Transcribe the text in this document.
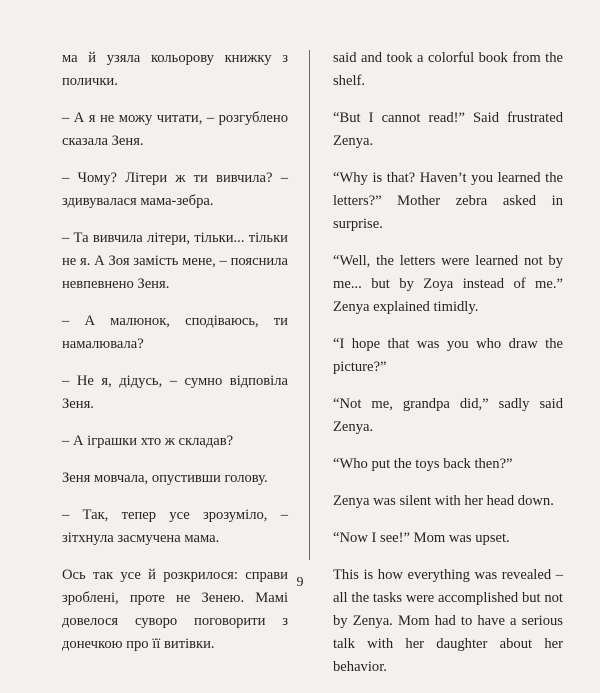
ма й узяла кольорову книжку з полички.

– А я не можу читати, – розгублено сказала Зеня.

– Чому? Літери ж ти вивчила? – здивувалася мама-зебра.

– Та вивчила літери, тільки... тільки не я. А Зоя замість мене, – пояснила невпевнено Зеня.

– А малюнок, сподіваюсь, ти намалювала?

– Не я, дідусь, – сумно відповіла Зеня.

– А іграшки хто ж складав?

Зеня мовчала, опустивши голову.

– Так, тепер усе зрозуміло, – зітхнула засмучена мама.

Ось так усе й розкрилося: справи зроблені, проте не Зенею. Мамі довелося суворо поговорити з донечкою про її витівки.

said and took a colorful book from the shelf.

“But I cannot read!” Said frustrated Zenya.

“Why is that? Haven’t you learned the letters?” Mother zebra asked in surprise.

“Well, the letters were learned not by me... but by Zoya instead of me.” Zenya explained timidly.

“I hope that was you who draw the picture?”

“Not me, grandpa did,” sadly said Zenya.

“Who put the toys back then?”

Zenya was silent with her head down.

“Now I see!” Mom was upset.

This is how everything was revealed – all the tasks were accomplished but not by Zenya. Mom had to have a serious talk with her daughter about her behavior.

9
